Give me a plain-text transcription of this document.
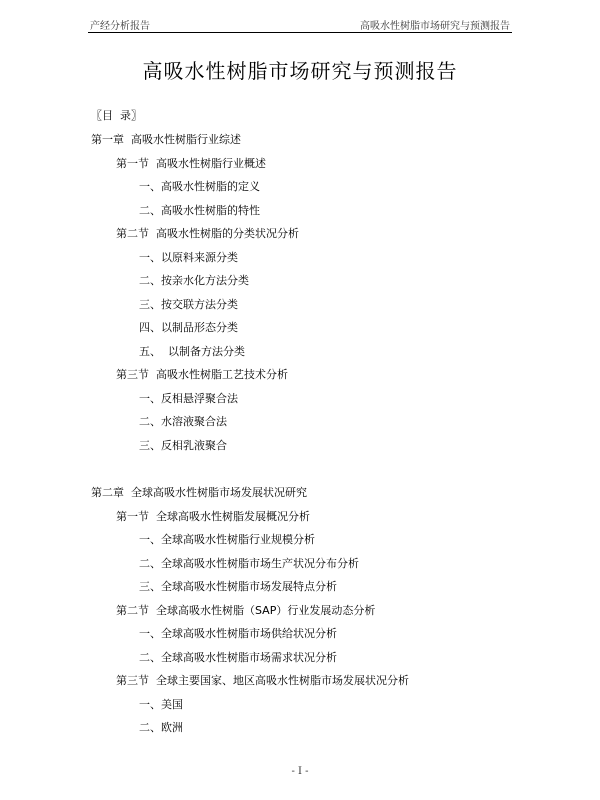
产经分析报告	高吸水性树脂市场研究与预测报告
高吸水性树脂市场研究与预测报告
〖目  录〗
第一章  高吸水性树脂行业综述
第一节  高吸水性树脂行业概述
一、高吸水性树脂的定义
二、高吸水性树脂的特性
第二节  高吸水性树脂的分类状况分析
一、以原料来源分类
二、按亲水化方法分类
三、按交联方法分类
四、以制品形态分类
五、  以制备方法分类
第三节  高吸水性树脂工艺技术分析
一、反相悬浮聚合法
二、水溶液聚合法
三、反相乳液聚合
第二章  全球高吸水性树脂市场发展状况研究
第一节  全球高吸水性树脂发展概况分析
一、全球高吸水性树脂行业规模分析
二、全球高吸水性树脂市场生产状况分布分析
三、全球高吸水性树脂市场发展特点分析
第二节  全球高吸水性树脂（SAP）行业发展动态分析
一、全球高吸水性树脂市场供给状况分析
二、全球高吸水性树脂市场需求状况分析
第三节  全球主要国家、地区高吸水性树脂市场发展状况分析
一、美国
二、欧洲
- I -
